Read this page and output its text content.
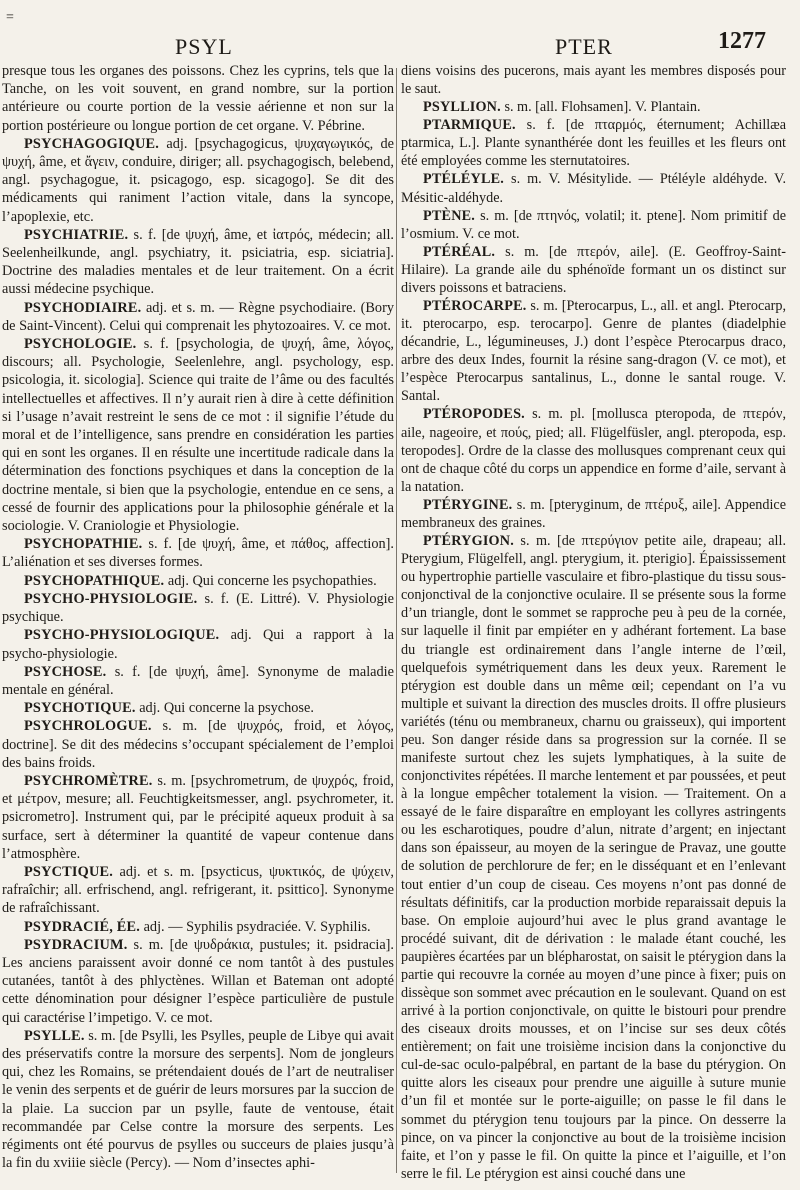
=
PSYL	PTER	1277

presque tous les organes des poissons. Chez les cyprins, tels que la Tanche, on les voit souvent, en grand nombre, sur la portion antérieure ou courte portion de la vessie aérienne et non sur la portion postérieure ou longue portion de cet organe. V. Pébrine.

PSYCHAGOGIQUE. adj. [psychagogicus, ψυχαγωγικός, de ψυχή, âme, et ἄγειν, conduire, diriger; all. psychagogisch, belebend, angl. psychagogue, it. psicagogo, esp. sicagogo]. Se dit des médicaments qui raniment l’action vitale, dans la syncope, l’apoplexie, etc.

PSYCHIATRIE. s. f. [de ψυχή, âme, et ἰατρός, médecin; all. Seelenheilkunde, angl. psychiatry, it. psiciatria, esp. siciatria]. Doctrine des maladies mentales et de leur traitement. On a écrit aussi médecine psychique.

PSYCHODIAIRE. adj. et s. m. — Règne psychodiaire. (Bory de Saint-Vincent). Celui qui comprenait les phytozoaires. V. ce mot.

PSYCHOLOGIE. s. f. [psychologia, de ψυχή, âme, λόγος, discours; all. Psychologie, Seelenlehre, angl. psychology, esp. psicologia, it. sicologia]. Science qui traite de l’âme ou des facultés intellectuelles et affectives. Il n’y aurait rien à dire à cette définition si l’usage n’avait restreint le sens de ce mot : il signifie l’étude du moral et de l’intelligence, sans prendre en considération les parties qui en sont les organes. Il en résulte une incertitude radicale dans la détermination des fonctions psychiques et dans la conception de la doctrine mentale, si bien que la psychologie, entendue en ce sens, a cessé de fournir des applications pour la philosophie générale et la sociologie. V. Craniologie et Physiologie.

PSYCHOPATHIE. s. f. [de ψυχή, âme, et πάθος, affection]. L’aliénation et ses diverses formes.

PSYCHOPATHIQUE. adj. Qui concerne les psychopathies.

PSYCHO-PHYSIOLOGIE. s. f. (E. Littré). V. Physiologie psychique.

PSYCHO-PHYSIOLOGIQUE. adj. Qui a rapport à la psycho-physiologie.

PSYCHOSE. s. f. [de ψυχή, âme]. Synonyme de maladie mentale en général.

PSYCHOTIQUE. adj. Qui concerne la psychose.

PSYCHROLOGUE. s. m. [de ψυχρός, froid, et λόγος, doctrine]. Se dit des médecins s’occupant spécialement de l’emploi des bains froids.

PSYCHROMÈTRE. s. m. [psychrometrum, de ψυχρός, froid, et μέτρον, mesure; all. Feuchtigkeitsmesser, angl. psychrometer, it. psicrometro]. Instrument qui, par le précipité aqueux produit à sa surface, sert à déterminer la quantité de vapeur contenue dans l’atmosphère.

PSYCTIQUE. adj. et s. m. [psycticus, ψυκτικός, de ψύχειν, rafraîchir; all. erfrischend, angl. refrigerant, it. psittico]. Synonyme de rafraîchissant.

PSYDRACIÉ, ÉE. adj. — Syphilis psydraciée. V. Syphilis.

PSYDRACIUM. s. m. [de ψυδράκια, pustules; it. psidracia]. Les anciens paraissent avoir donné ce nom tantôt à des pustules cutanées, tantôt à des phlyctènes. Willan et Bateman ont adopté cette dénomination pour désigner l’espèce particulière de pustule qui caractérise l’impetigo. V. ce mot.

PSYLLE. s. m. [de Psylli, les Psylles, peuple de Libye qui avait des préservatifs contre la morsure des serpents]. Nom de jongleurs qui, chez les Romains, se prétendaient doués de l’art de neutraliser le venin des serpents et de guérir de leurs morsures par la succion de la plaie. La succion par un psylle, faute de ventouse, était recommandée par Celse contre la morsure des serpents. Les régiments ont été pourvus de psylles ou succeurs de plaies jusqu’à la fin du xviiie siècle (Percy). — Nom d’insectes aphi-

diens voisins des pucerons, mais ayant les membres disposés pour le saut.

PSYLLION. s. m. [all. Flohsamen]. V. Plantain.

PTARMIQUE. s. f. [de πταρμός, éternument; Achillæa ptarmica, L.]. Plante synanthérée dont les feuilles et les fleurs ont été employées comme les sternutatoires.

PTÉLÉYLE. s. m. V. Mésitylide. — Ptéléyle aldéhyde. V. Mésitic-aldéhyde.

PTÈNE. s. m. [de πτηνός, volatil; it. ptene]. Nom primitif de l’osmium. V. ce mot.

PTÉRÉAL. s. m. [de πτερόν, aile]. (E. Geoffroy-Saint-Hilaire). La grande aile du sphénoïde formant un os distinct sur divers poissons et batraciens.

PTÉROCARPE. s. m. [Pterocarpus, L., all. et angl. Pterocarp, it. pterocarpo, esp. terocarpo]. Genre de plantes (diadelphie décandrie, L., légumineuses, J.) dont l’espèce Pterocarpus draco, arbre des deux Indes, fournit la résine sang-dragon (V. ce mot), et l’espèce Pterocarpus santalinus, L., donne le santal rouge. V. Santal.

PTÉROPODES. s. m. pl. [mollusca pteropoda, de πτερόν, aile, nageoire, et πούς, pied; all. Flügelfüsler, angl. pteropoda, esp. teropodes]. Ordre de la classe des mollusques comprenant ceux qui ont de chaque côté du corps un appendice en forme d’aile, servant à la natation.

PTÉRYGINE. s. m. [pteryginum, de πτέρυξ, aile]. Appendice membraneux des graines.

PTÉRYGION. s. m. [de πτερύγιον petite aile, drapeau; all. Pterygium, Flügelfell, angl. pterygium, it. pterigio]. Épaississement ou hypertrophie partielle vasculaire et fibro-plastique du tissu sous-conjonctival de la conjonctive oculaire. Il se présente sous la forme d’un triangle, dont le sommet se rapproche peu à peu de la cornée, sur laquelle il finit par empiéter en y adhérant fortement. La base du triangle est ordinairement dans l’angle interne de l’œil, quelquefois symétriquement dans les deux yeux. Rarement le ptérygion est double dans un même œil; cependant on l’a vu multiple et suivant la direction des muscles droits. Il offre plusieurs variétés (ténu ou membraneux, charnu ou graisseux), qui importent peu. Son danger réside dans sa progression sur la cornée. Il se manifeste surtout chez les sujets lymphatiques, à la suite de conjonctivites répétées. Il marche lentement et par poussées, et peut à la longue empêcher totalement la vision. — Traitement. On a essayé de le faire disparaître en employant les collyres astringents ou les escharotiques, poudre d’alun, nitrate d’argent; en injectant dans son épaisseur, au moyen de la seringue de Pravaz, une goutte de solution de perchlorure de fer; en le disséquant et en l’enlevant tout entier d’un coup de ciseau. Ces moyens n’ont pas donné de résultats définitifs, car la production morbide reparaissait depuis la base. On emploie aujourd’hui avec le plus grand avantage le procédé suivant, dit de dérivation : le malade étant couché, les paupières écartées par un blépharostat, on saisit le ptérygion dans la partie qui recouvre la cornée au moyen d’une pince à fixer; puis on dissèque son sommet avec précaution en le soulevant. Quand on est arrivé à la portion conjonctivale, on quitte le bistouri pour prendre des ciseaux droits mousses, et on l’incise sur ses deux côtés entièrement; on fait une troisième incision dans la conjonctive du cul-de-sac oculo-palpébral, en partant de la base du ptérygion. On quitte alors les ciseaux pour prendre une aiguille à suture munie d’un fil et montée sur le porte-aiguille; on passe le fil dans le sommet du ptérygion tenu toujours par la pince. On desserre la pince, on va pincer la conjonctive au bout de la troisième incision faite, et l’on y passe le fil. On quitte la pince et l’aiguille, et l’on serre le fil. Le ptérygion est ainsi couché dans une
